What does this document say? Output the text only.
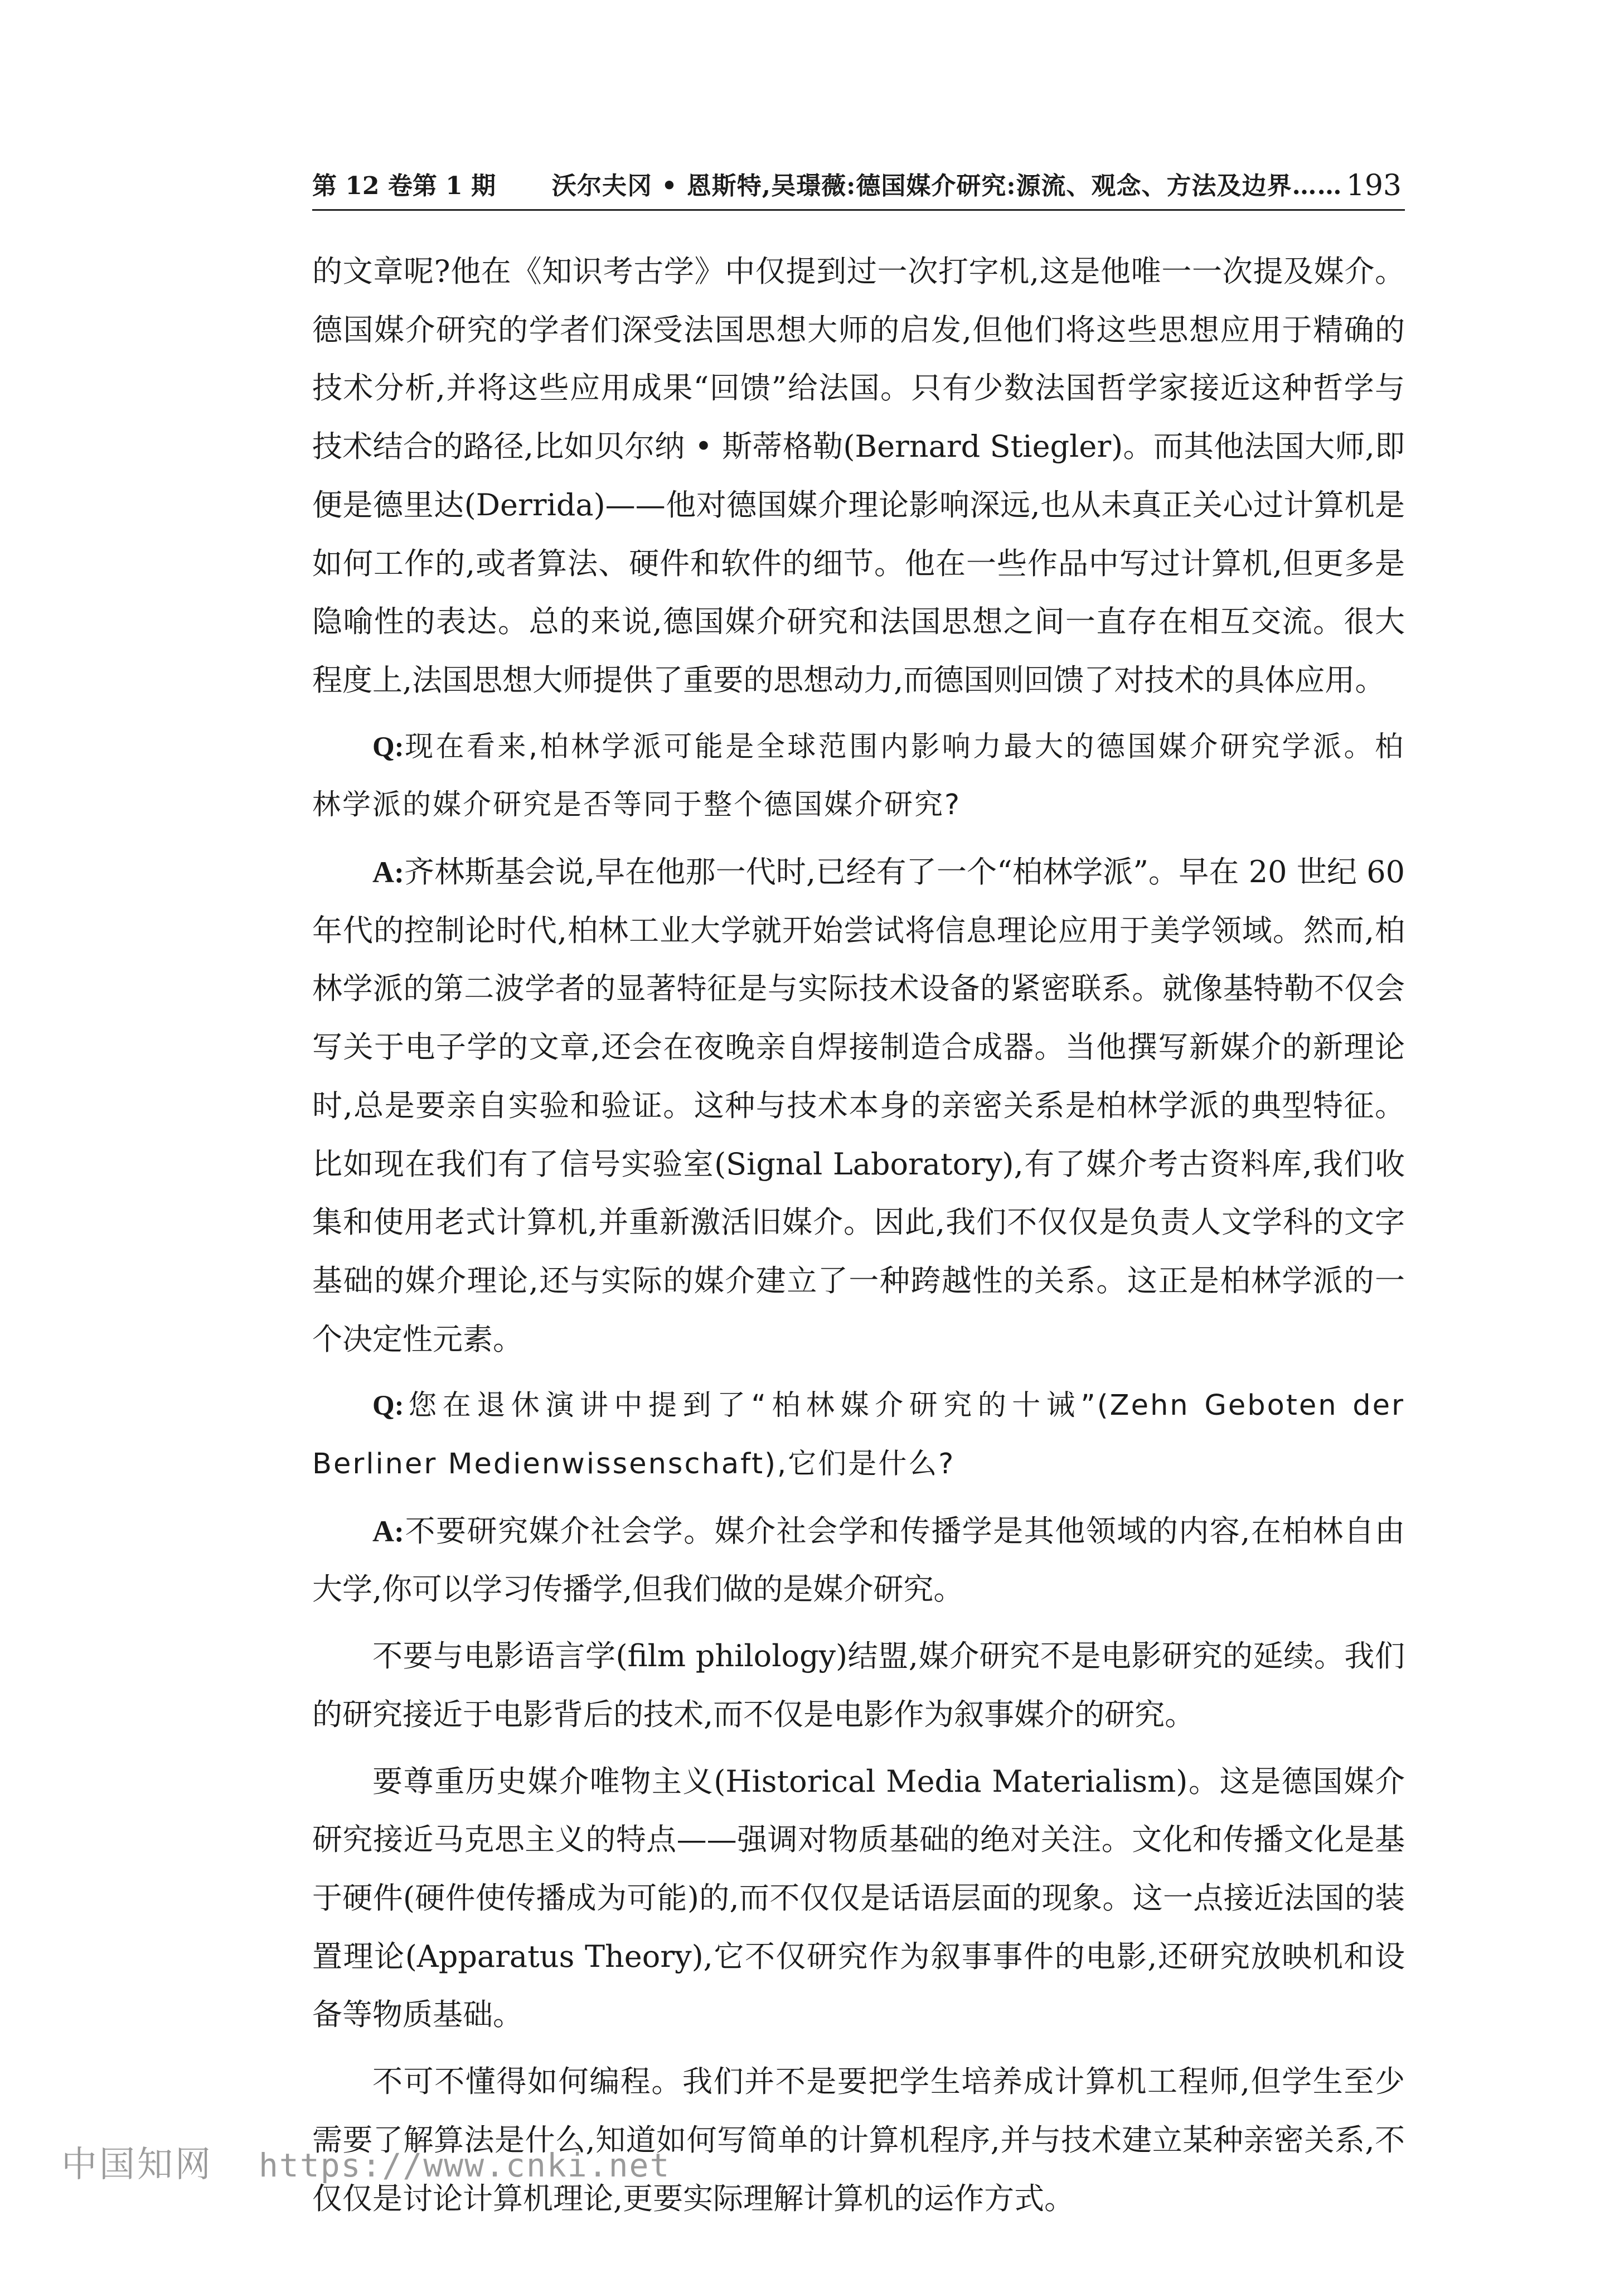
第 12 卷第 1 期 沃尔夫冈 • 恩斯特,吴璟薇:德国媒介研究:源流、观念、方法及边界…… 193

的文章呢?他在《知识考古学》中仅提到过一次打字机,这是他唯一一次提及媒介。德国媒介研究的学者们深受法国思想大师的启发,但他们将这些思想应用于精确的技术分析,并将这些应用成果“回馈”给法国。只有少数法国哲学家接近这种哲学与技术结合的路径,比如贝尔纳 • 斯蒂格勒(Bernard Stiegler)。而其他法国大师,即便是德里达(Derrida)——他对德国媒介理论影响深远,也从未真正关心过计算机是如何工作的,或者算法、硬件和软件的细节。他在一些作品中写过计算机,但更多是隐喻性的表达。总的来说,德国媒介研究和法国思想之间一直存在相互交流。很大程度上,法国思想大师提供了重要的思想动力,而德国则回馈了对技术的具体应用。

Q:现在看来,柏林学派可能是全球范围内影响力最大的德国媒介研究学派。柏林学派的媒介研究是否等同于整个德国媒介研究?

A:齐林斯基会说,早在他那一代时,已经有了一个“柏林学派”。早在 20 世纪 60 年代的控制论时代,柏林工业大学就开始尝试将信息理论应用于美学领域。然而,柏林学派的第二波学者的显著特征是与实际技术设备的紧密联系。就像基特勒不仅会写关于电子学的文章,还会在夜晚亲自焊接制造合成器。当他撰写新媒介的新理论时,总是要亲自实验和验证。这种与技术本身的亲密关系是柏林学派的典型特征。比如现在我们有了信号实验室(Signal Laboratory),有了媒介考古资料库,我们收集和使用老式计算机,并重新激活旧媒介。因此,我们不仅仅是负责人文学科的文字基础的媒介理论,还与实际的媒介建立了一种跨越性的关系。这正是柏林学派的一个决定性元素。

Q:您在退休演讲中提到了“柏林媒介研究的十诫”(Zehn Geboten der Berliner Medienwissenschaft),它们是什么?

A:不要研究媒介社会学。媒介社会学和传播学是其他领域的内容,在柏林自由大学,你可以学习传播学,但我们做的是媒介研究。

不要与电影语言学(film philology)结盟,媒介研究不是电影研究的延续。我们的研究接近于电影背后的技术,而不仅是电影作为叙事媒介的研究。

要尊重历史媒介唯物主义(Historical Media Materialism)。这是德国媒介研究接近马克思主义的特点——强调对物质基础的绝对关注。文化和传播文化是基于硬件(硬件使传播成为可能)的,而不仅仅是话语层面的现象。这一点接近法国的装置理论(Apparatus Theory),它不仅研究作为叙事事件的电影,还研究放映机和设备等物质基础。

不可不懂得如何编程。我们并不是要把学生培养成计算机工程师,但学生至少需要了解算法是什么,知道如何写简单的计算机程序,并与技术建立某种亲密关系,不仅仅是讨论计算机理论,更要实际理解计算机的运作方式。

中国知网 https://www.cnki.net
